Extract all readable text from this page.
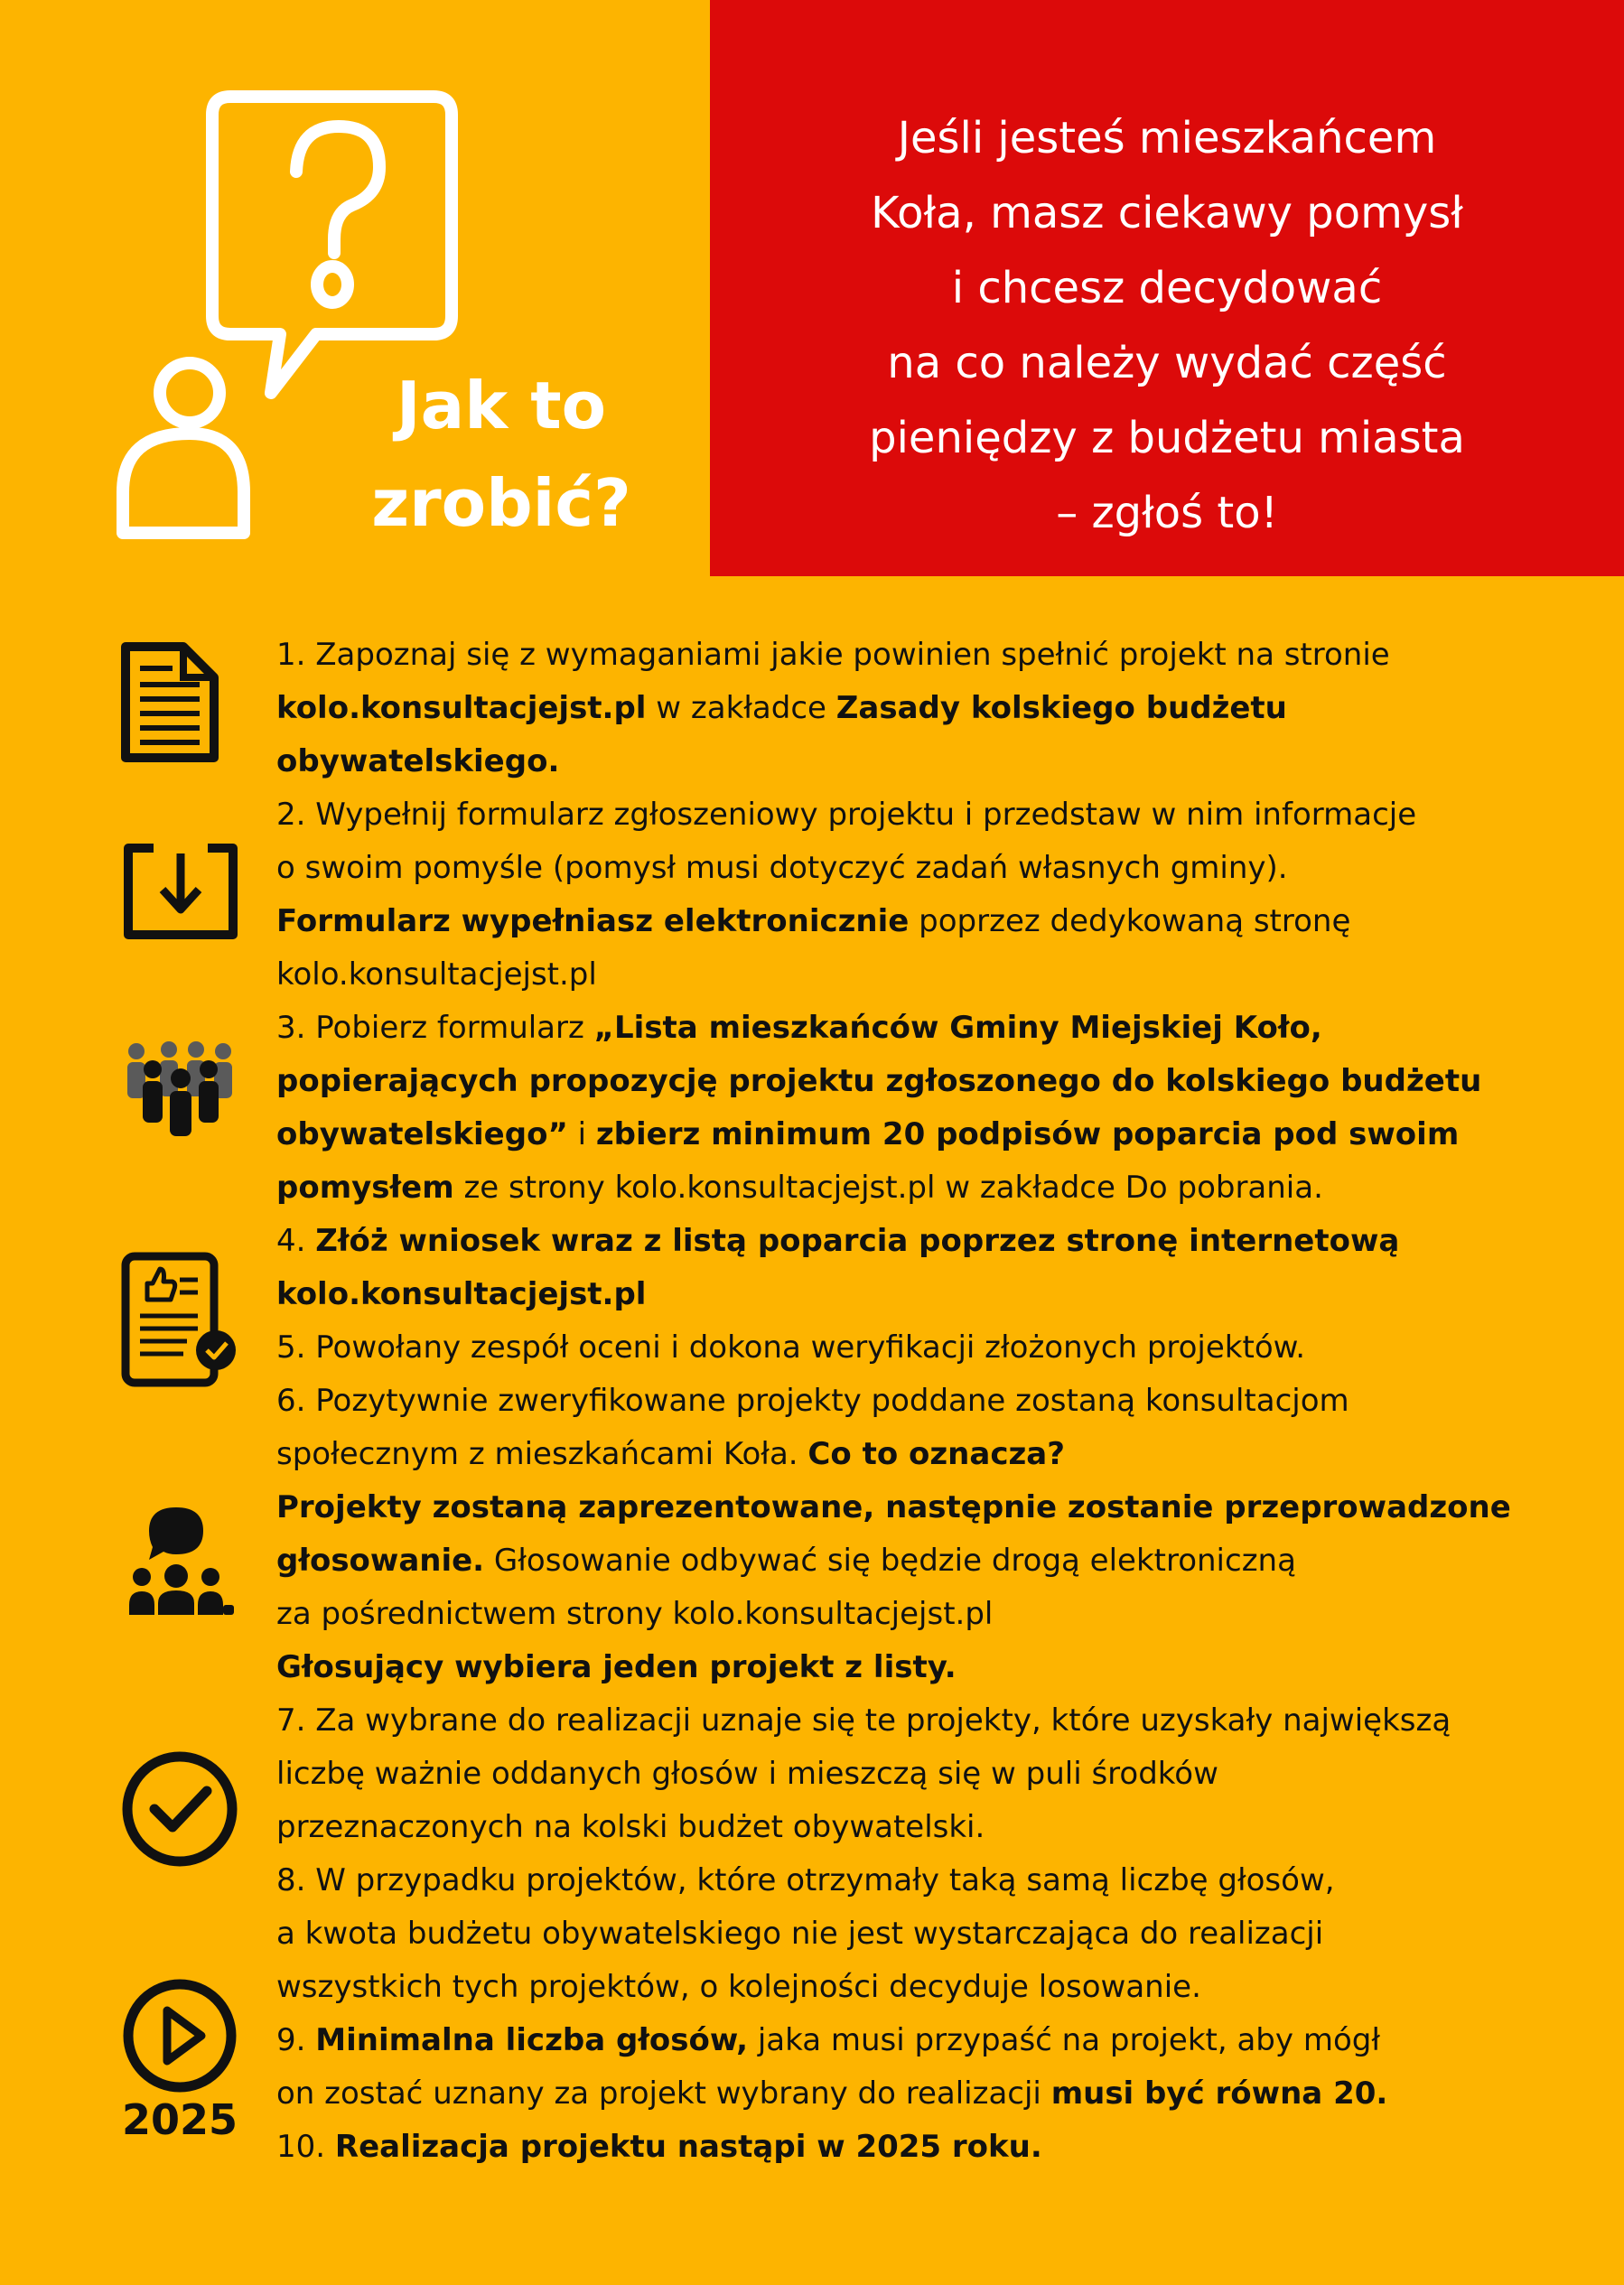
Jeśli jesteś mieszkańcem
Koła, masz ciekawy pomysł
i chcesz decydować
na co należy wydać część
pieniędzy z budżetu miasta
– zgłoś to!

Jak to
zrobić?

2025

1. Zapoznaj się z wymaganiami jakie powinien spełnić projekt na stronie
kolo.konsultacjejst.pl w zakładce Zasady kolskiego budżetu
obywatelskiego.

2. Wypełnij formularz zgłoszeniowy projektu i przedstaw w nim informacje
o swoim pomyśle (pomysł musi dotyczyć zadań własnych gminy).
Formularz wypełniasz elektronicznie poprzez dedykowaną stronę
kolo.konsultacjejst.pl

3. Pobierz formularz „Lista mieszkańców Gminy Miejskiej Koło,
popierających propozycję projektu zgłoszonego do kolskiego budżetu
obywatelskiego” i zbierz minimum 20 podpisów poparcia pod swoim
pomysłem ze strony kolo.konsultacjejst.pl w zakładce Do pobrania.

4. Złóż wniosek wraz z listą poparcia poprzez stronę internetową
kolo.konsultacjejst.pl

5. Powołany zespół oceni i dokona weryfikacji złożonych projektów.

6. Pozytywnie zweryfikowane projekty poddane zostaną konsultacjom
społecznym z mieszkańcami Koła. Co to oznacza?
Projekty zostaną zaprezentowane, następnie zostanie przeprowadzone
głosowanie. Głosowanie odbywać się będzie drogą elektroniczną
za pośrednictwem strony kolo.konsultacjejst.pl
Głosujący wybiera jeden projekt z listy.

7. Za wybrane do realizacji uznaje się te projekty, które uzyskały największą
liczbę ważnie oddanych głosów i mieszczą się w puli środków
przeznaczonych na kolski budżet obywatelski.

8. W przypadku projektów, które otrzymały taką samą liczbę głosów,
a kwota budżetu obywatelskiego nie jest wystarczająca do realizacji
wszystkich tych projektów, o kolejności decyduje losowanie.

9. Minimalna liczba głosów, jaka musi przypaść na projekt, aby mógł
on zostać uznany za projekt wybrany do realizacji musi być równa 20.

10. Realizacja projektu nastąpi w 2025 roku.
